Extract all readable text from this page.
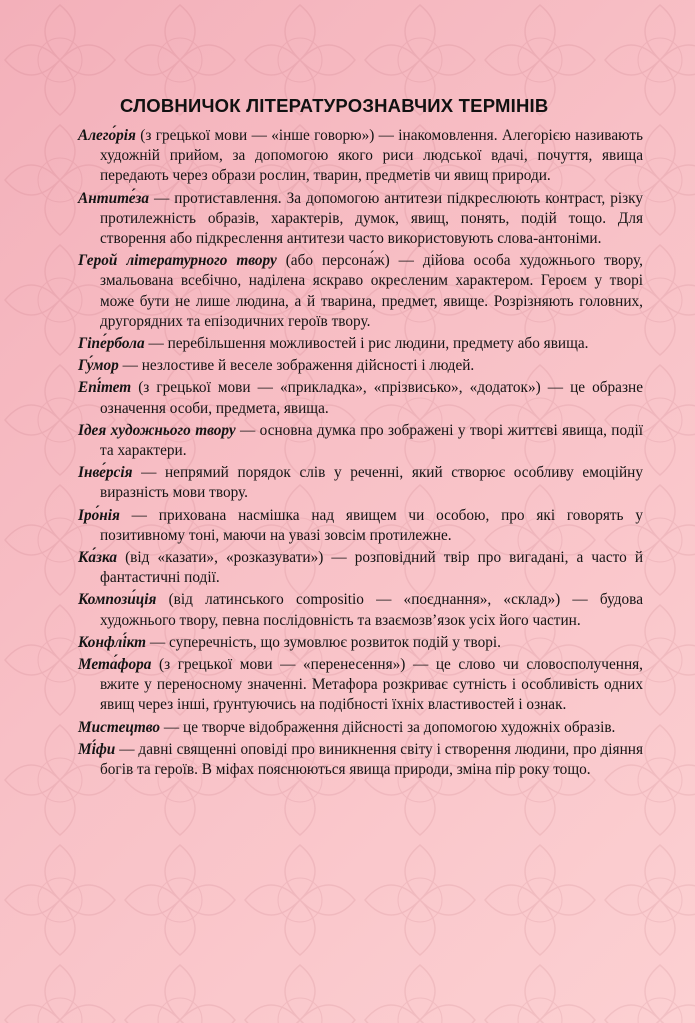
СЛОВНИЧОК ЛІТЕРАТУРОЗНАВЧИХ ТЕРМІНІВ

Алего́рія (з грецької мови — «інше говорю») — інакомовлення. Алегорією називають художній прийом, за допомогою якого риси людської вдачі, почуття, явища передають через образи рослин, тварин, предметів чи явищ природи.

Антите́за — протиставлення. За допомогою антитези підкреслюють контраст, різку протилежність образів, характерів, думок, явищ, понять, подій тощо. Для створення або підкреслення антитези часто використовують слова-антоніми.

Герой літературного твору (або персона́ж) — дійова особа художнього твору, змальована всебічно, наділена яскраво окресленим характером. Героєм у творі може бути не лише людина, а й тварина, предмет, явище. Розрізняють головних, другорядних та епізодичних героїв твору.

Гіпе́рбола — перебільшення можливостей і рис людини, предмету або явища.

Гу́мор — незлостиве й веселе зображення дійсності і людей.

Епі́тет (з грецької мови — «прикладка», «прізвисько», «додаток») — це образне означення особи, предмета, явища.

Ідея художнього твору — основна думка про зображені у творі життєві явища, події та характери.

Інве́рсія — непрямий порядок слів у реченні, який створює особливу емоційну виразність мови твору.

Іро́нія — прихована насмішка над явищем чи особою, про які говорять у позитивному тоні, маючи на увазі зовсім протилежне.

Ка́зка (від «казати», «розказувати») — розповідний твір про вигадані, а часто й фантастичні події.

Компози́ція (від латинського compositio — «поєднання», «склад») — будова художнього твору, певна послідовність та взаємозв’язок усіх його частин.

Конфлі́кт — суперечність, що зумовлює розвиток подій у творі.

Мета́фора (з грецької мови — «перенесення») — це слово чи словосполучення, вжите у переносному значенні. Метафора розкриває сутність і особливість одних явищ через інші, ґрунтуючись на подібності їхніх властивостей і ознак.

Мистецтво — це творче відображення дійсності за допомогою художніх образів.

Мі́фи — давні священні оповіді про виникнення світу і створення людини, про діяння богів та героїв. В міфах пояснюються явища природи, зміна пір року тощо.
